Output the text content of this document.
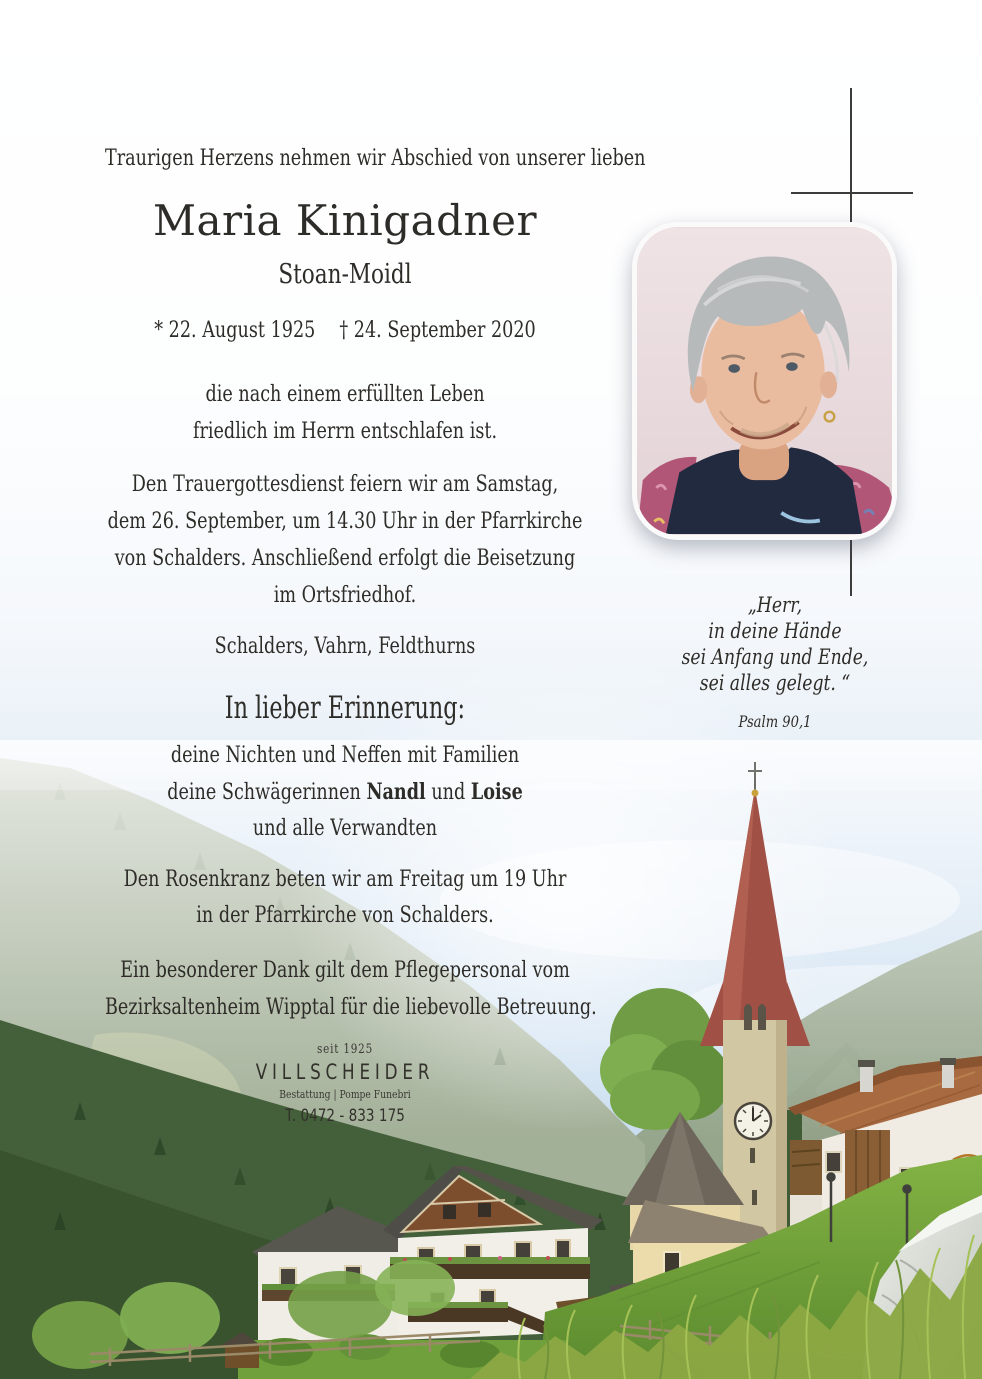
Maria Kinigadner
Traurigen Herzens nehmen wir Abschied von unserer lieben
Stoan-Moidl
* 22. August 1925 † 24. September 2020
die nach einem erfüllten Leben
friedlich im Herrn entschlafen ist.
Den Trauergottesdienst feiern wir am Samstag,
dem 26. September, um 14.30 Uhr in der Pfarrkirche
von Schalders. Anschließend erfolgt die Beisetzung
im Ortsfriedhof.
Schalders, Vahrn, Feldthurns
In lieber Erinnerung:
deine Nichten und Neffen mit Familien
deine Schwägerinnen Nandl und Loise
und alle Verwandten
Den Rosenkranz beten wir am Freitag um 19 Uhr
in der Pfarrkirche von Schalders.
Ein besonderer Dank gilt dem Pflegepersonal vom
Bezirksaltenheim Wipptal für die liebevolle Betreuung.
seit 1925
VILLSCHEIDER
Bestattung | Pompe Funebri
T. 0472 - 833 175
„Herr,
in deine Hände
sei Anfang und Ende,
sei alles gelegt. “
Psalm 90,1
